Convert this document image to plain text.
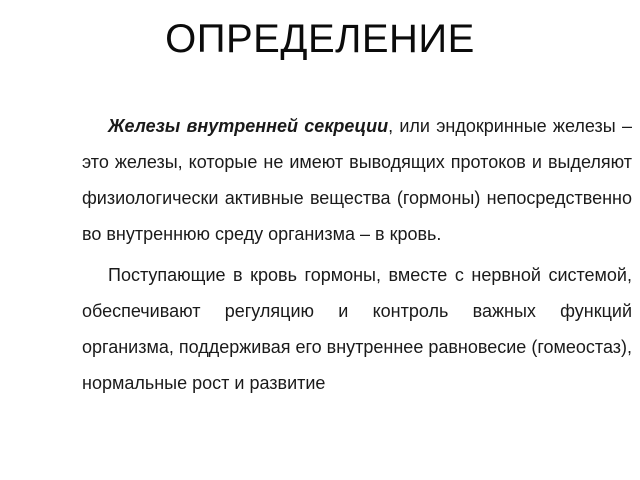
ОПРЕДЕЛЕНИЕ

Железы внутренней секреции, или эндокринные железы – это железы, которые не имеют выводящих протоков и выделяют физиологически активные вещества (гормоны) непосредственно во внутреннюю среду организма – в кровь.

Поступающие в кровь гормоны, вместе с нервной системой, обеспечивают регуляцию и контроль важных функций организма, поддерживая его внутреннее равновесие (гомеостаз), нормальные рост и развитие
